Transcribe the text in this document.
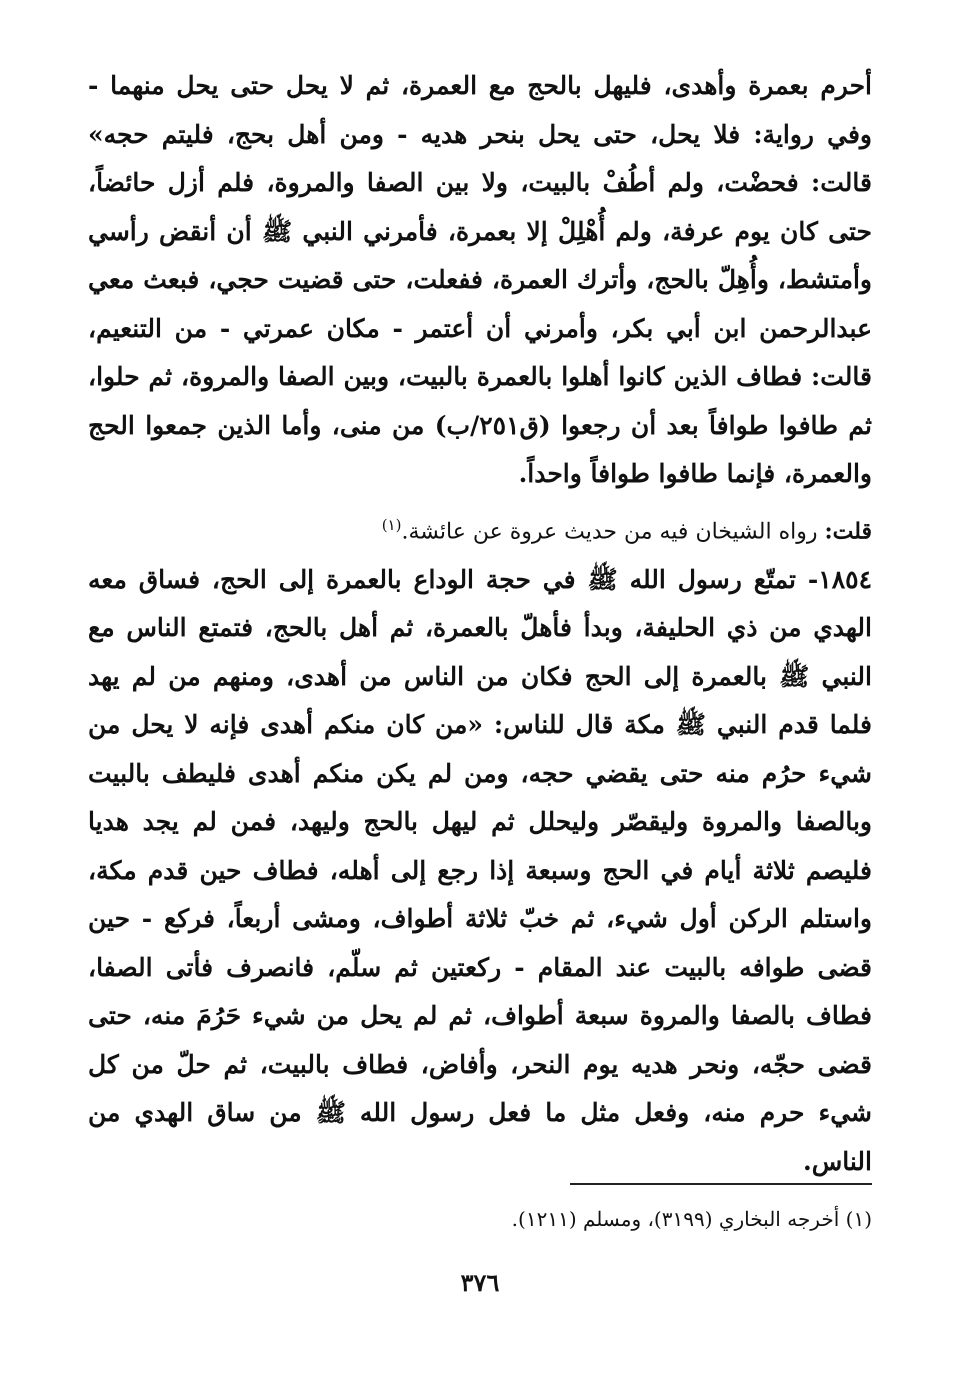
أحرم بعمرة وأهدى، فليهل بالحج مع العمرة، ثم لا يحل حتى يحل منهما - وفي رواية: فلا يحل، حتى يحل بنحر هديه - ومن أهل بحج، فليتم حجه» قالت: فحضْت، ولم أطُفْ بالبيت، ولا بين الصفا والمروة، فلم أزل حائضاً، حتى كان يوم عرفة، ولم أُهْلِلْ إلا بعمرة، فأمرني النبي ﷺ أن أنقض رأسي وأمتشط، وأُهِلّ بالحج، وأترك العمرة، ففعلت، حتى قضيت حجي، فبعث معي عبدالرحمن ابن أبي بكر، وأمرني أن أعتمر - مكان عمرتي - من التنعيم، قالت: فطاف الذين كانوا أهلوا بالعمرة بالبيت، وبين الصفا والمروة، ثم حلوا، ثم طافوا طوافاً بعد أن رجعوا (ق٢٥١/ب) من منى، وأما الذين جمعوا الحج والعمرة، فإنما طافوا طوافاً واحداً.

قلت: رواه الشيخان فيه من حديث عروة عن عائشة.$^{(١)}$

١٨٥٤- تمتّع رسول الله ﷺ في حجة الوداع بالعمرة إلى الحج، فساق معه الهدي من ذي الحليفة، وبدأ فأهلّ بالعمرة، ثم أهل بالحج، فتمتع الناس مع النبي ﷺ بالعمرة إلى الحج فكان من الناس من أهدى، ومنهم من لم يهد فلما قدم النبي ﷺ مكة قال للناس: «من كان منكم أهدى فإنه لا يحل من شيء حرُم منه حتى يقضي حجه، ومن لم يكن منكم أهدى فليطف بالبيت وبالصفا والمروة وليقصّر وليحلل ثم ليهل بالحج وليهد، فمن لم يجد هديا فليصم ثلاثة أيام في الحج وسبعة إذا رجع إلى أهله، فطاف حين قدم مكة، واستلم الركن أول شيء، ثم خبّ ثلاثة أطواف، ومشى أربعاً، فركع - حين قضى طوافه بالبيت عند المقام - ركعتين ثم سلّم، فانصرف فأتى الصفا، فطاف بالصفا والمروة سبعة أطواف، ثم لم يحل من شيء حَرُمَ منه، حتى قضى حجّه، ونحر هديه يوم النحر، وأفاض، فطاف بالبيت، ثم حلّ من كل شيء حرم منه، وفعل مثل ما فعل رسول الله ﷺ من ساق الهدي من الناس.

(١) أخرجه البخاري (٣١٩٩)، ومسلم (١٢١١).

٣٧٦
